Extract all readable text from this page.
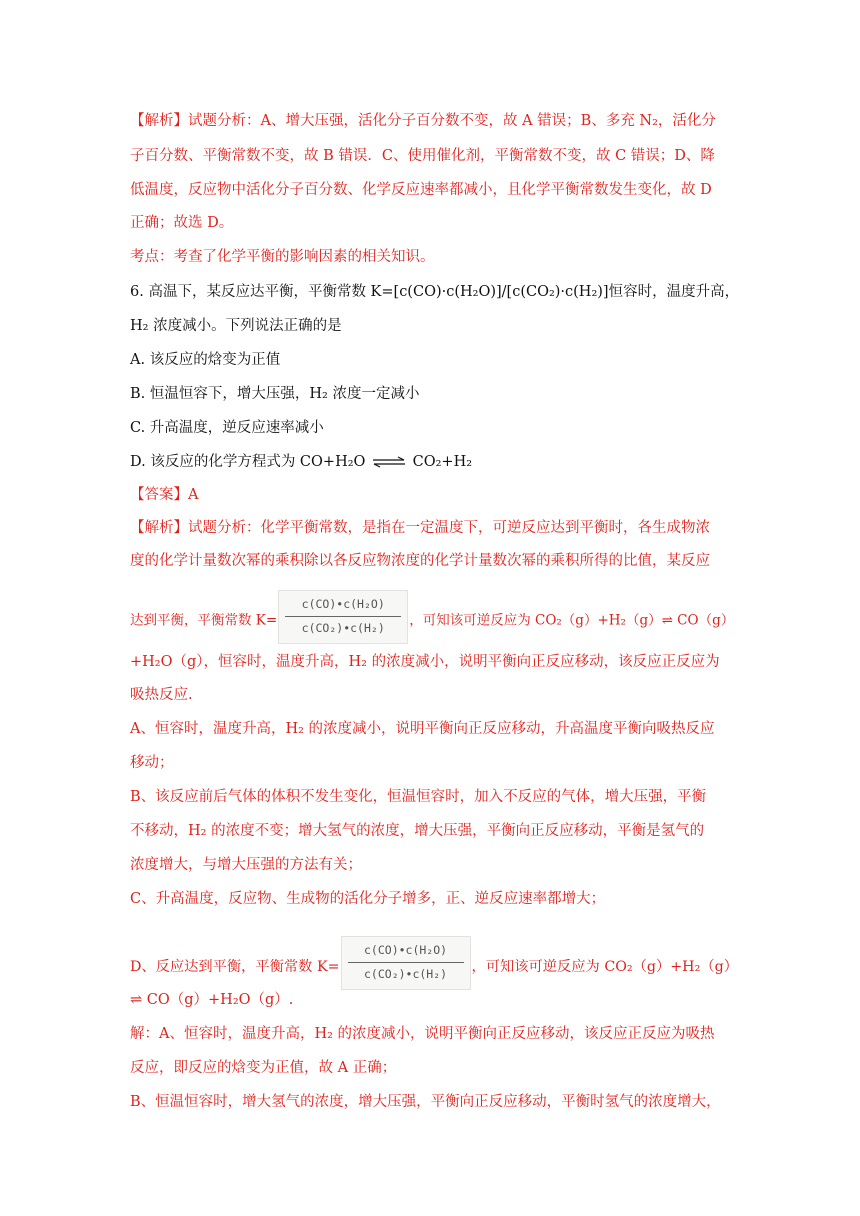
【解析】试题分析：A、增大压强，活化分子百分数不变，故 A 错误；B、多充 N₂，活化分
子百分数、平衡常数不变，故 B 错误．C、使用催化剂，平衡常数不变，故 C 错误；D、降
低温度，反应物中活化分子百分数、化学反应速率都减小，且化学平衡常数发生变化，故 D
正确；故选 D。
考点：考查了化学平衡的影响因素的相关知识。
6. 高温下，某反应达平衡，平衡常数 K=[c(CO)·c(H₂O)]/[c(CO₂)·c(H₂)]恒容时，温度升高，
H₂ 浓度减小。下列说法正确的是
A. 该反应的焓变为正值
B. 恒温恒容下，增大压强，H₂ 浓度一定减小
C. 升高温度，逆反应速率减小
D. 该反应的化学方程式为 CO+H₂O ⇌ CO₂+H₂
【答案】A
【解析】试题分析：化学平衡常数，是指在一定温度下，可逆反应达到平衡时，各生成物浓
度的化学计量数次幂的乘积除以各反应物浓度的化学计量数次幂的乘积所得的比值，某反应
达到平衡，平衡常数 $K= \frac{\text{c(CO)•c(H₂O)}}{\text{c(CO₂)•c(H₂)}}$ ，可知该可逆反应为 CO₂（g）+H₂（g）⇌ CO（g）
+H₂O（g），恒容时，温度升高，H₂ 的浓度减小，说明平衡向正反应移动，该反应正反应为
吸热反应.
A、恒容时，温度升高，H₂ 的浓度减小，说明平衡向正反应移动，升高温度平衡向吸热反应
移动；
B、该反应前后气体的体积不发生变化，恒温恒容时，加入不反应的气体，增大压强，平衡
不移动，H₂ 的浓度不变；增大氢气的浓度，增大压强，平衡向正反应移动，平衡是氢气的
浓度增大，与增大压强的方法有关；
C、升高温度，反应物、生成物的活化分子增多，正、逆反应速率都增大；
D、反应达到平衡，平衡常数 $K= \frac{\text{c(CO)•c(H₂O)}}{\text{c(CO₂)•c(H₂)}}$ ，可知该可逆反应为 CO₂（g）+H₂（g）
⇌ CO（g）+H₂O（g）.
解：A、恒容时，温度升高，H₂ 的浓度减小，说明平衡向正反应移动，该反应正反应为吸热
反应，即反应的焓变为正值，故 A 正确；
B、恒温恒容时，增大氢气的浓度，增大压强，平衡向正反应移动，平衡时氢气的浓度增大，
